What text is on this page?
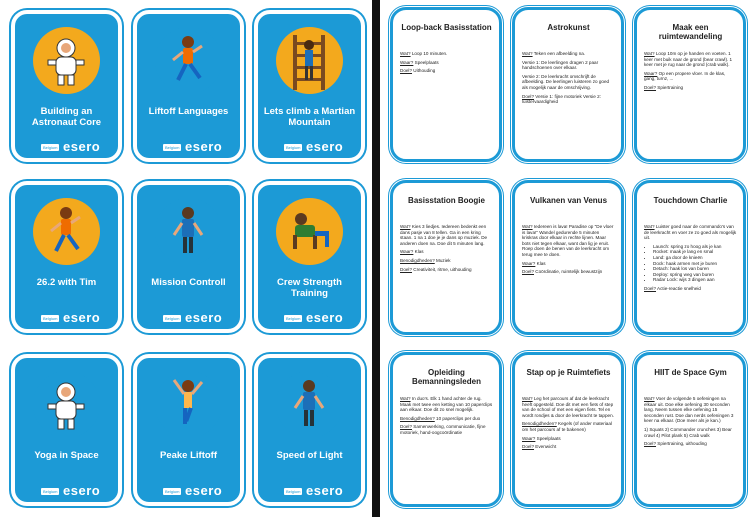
Building an Astronaut Core
Belgium esero
Liftoff Languages
Belgium esero
Lets climb a Martian Mountain
Belgium esero
26.2 with Tim
Belgium esero
Mission Controll
Belgium esero
Crew Strength Training
Belgium esero
Yoga in Space
Belgium esero
Peake Liftoff
Belgium esero
Speed of Light
Belgium esero
Loop-back Basisstation

Wat? Loop 10 minuten.

Waar? Speelplaats

Doel? Uithouding

Astrokunst

Wat? Teken een afbeelding na.

Versie 1: De leerlingen dragen 2 paar handschoenen over elkaar.

Versie 2: De leerkracht omschrijft de afbeelding. De leerlingen luisteren zo goed als mogelijk naar de omschrijving.

Doel? Versie 1: fijne motoriek Versie 2: luistervaardigheid

Maak een ruimtewandeling

Wat? Loop 10m op je handen en voeten. 1 keer met buik naar de grond (bear crawl). 1 keer met je rug naar de grond (crab walk).

Waar? Op een propere vloer. In de klas, gang, turnz, ...

Doel? Spiertraining

Basisstation Boogie

Wat? Kies 3 liedjes. Iedereen bedenkt een dans pasje van 8 tellen. Ga in een kring staan. 1 na 1 doe je je dans op muziek. De anderen doen na. Doe dit 5 minuten lang.

Waar? Klas

Benodigdheden? Muziek

Doel? Creativiteit, ritme, uithouding

Vulkanen van Venus

Wat? Iedereen is lava! Paradise op "De vloer is lava!" Wandel gedurende 5 minuten kriskras door elkaar in rechte lijnen. Maar bots niet tegen elkaar, want dan lig je eruit. Roep doen de benen van de leerkracht om terug mee te doen.

Waar? Klas

Doel? Coördinatie, ruimtelijk bewustzijn

Touchdown Charlie

Wat? Luister goed naar de commando's van de leerkracht en voer ze zo goed als mogelijk uit.

• Launch: spring zo hoog als je kan
• Rocket: maak je lang en smal
• Land: ga door de knieën
• Dock: haak armen met je buren
• Detach: haak los van buren
• Deploy: spring weg van buren
• Radar Lock: wijs 3 dingen aan

Doel? Actie-reactie snelheid

Opleiding Bemanningsleden

Wat? In duo's. Elk 1 hand achter de rug. Maak met twee een ketting van 10 paperclips aan elkaar. Doe dit zo snel mogelijk.

Benodigdheden? 10 paperclips per duo

Doel? Samenwerking, communicatie, fijne motoriek, hand-oogcoördinatie

Stap op je Ruimtefiets

Wat? Leg het parcours af dat de leerkracht heeft opgesteld. Doe dit met een fiets of step van de school of met een eigen fiets. Tel en wordt rondjes & door de leerkracht te tappen.

Benodigdheden? Kegels (of ander materiaal om het parcours af te bakenen)

Waar? Speelplaats

Doel? Evenwicht

HIIT de Space Gym

Wat? Voer de volgende 5 oefeningen na elkaar uit. Doe elke oefening 30 seconden lang. Neem tussen elke oefening 15 seconden rust. Doe dan nerds oefeningen 3 keer na elkaar. (Doe meer als je kan.)

1) Squats 2) Commander crunches 3) Bear crawl 4) Pilot plank 5) Crab walk

Doel? Spiertraining, uithouding
